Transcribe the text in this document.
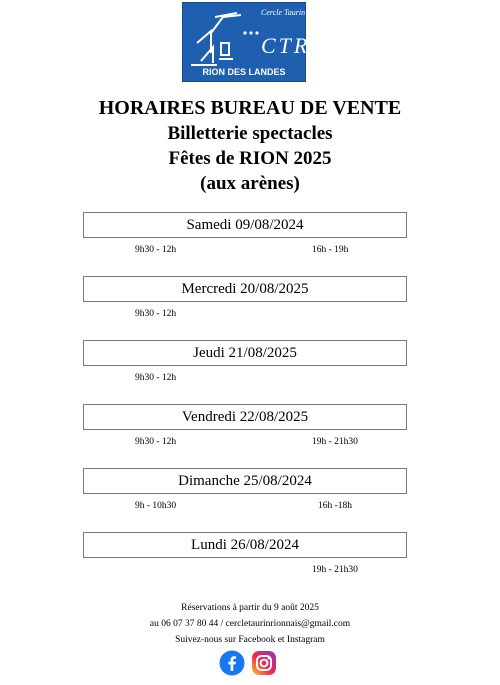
Cercle Taurin
CTR
RION DES LANDES
HORAIRES BUREAU DE VENTE
Billetterie spectacles
Fêtes de RION 2025
(aux arènes)
Samedi 09/08/2024
9h30 - 12h	16h - 19h
Mercredi 20/08/2025
9h30 - 12h
Jeudi 21/08/2025
9h30 - 12h
Vendredi 22/08/2025
9h30 - 12h	19h - 21h30
Dimanche 25/08/2024
9h - 10h30	16h -18h
Lundi 26/08/2024
19h - 21h30
Réservations à partir du 9 août 2025
au 06 07 37 80 44 / cercletaurinrionnais@gmail.com
Suivez-nous sur Facebook et Instagram
